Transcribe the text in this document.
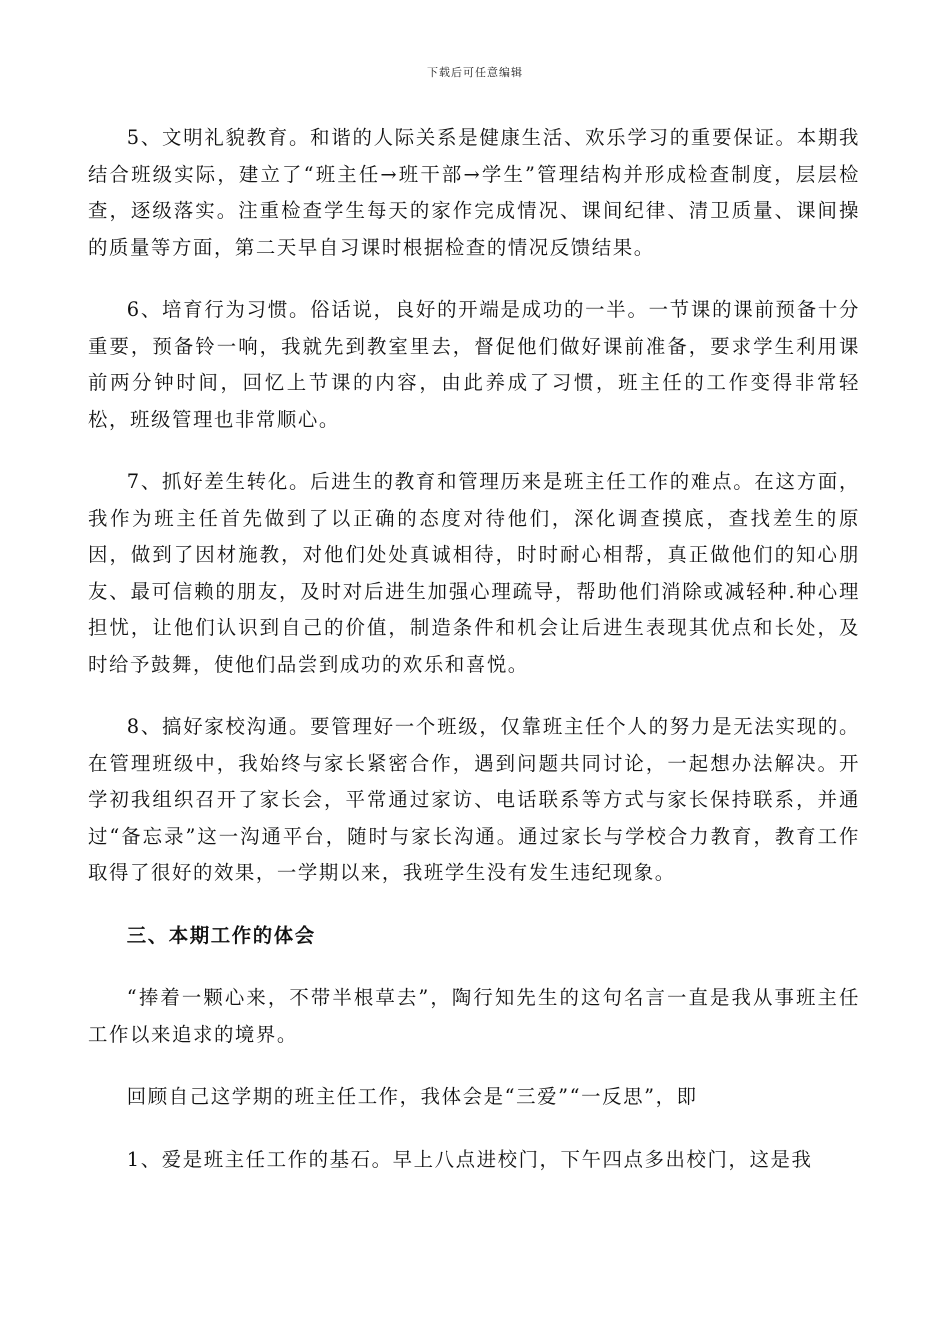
下载后可任意编辑

5、文明礼貌教育。和谐的人际关系是健康生活、欢乐学习的重要保证。本期我结合班级实际，建立了“班主任→班干部→学生”管理结构并形成检查制度，层层检查，逐级落实。注重检查学生每天的家作完成情况、课间纪律、清卫质量、课间操的质量等方面，第二天早自习课时根据检查的情况反馈结果。

6、培育行为习惯。俗话说，良好的开端是成功的一半。一节课的课前预备十分重要，预备铃一响，我就先到教室里去，督促他们做好课前准备，要求学生利用课前两分钟时间，回忆上节课的内容，由此养成了习惯，班主任的工作变得非常轻松，班级管理也非常顺心。

7、抓好差生转化。后进生的教育和管理历来是班主任工作的难点。在这方面，我作为班主任首先做到了以正确的态度对待他们，深化调查摸底，查找差生的原因，做到了因材施教，对他们处处真诚相待，时时耐心相帮，真正做他们的知心朋友、最可信赖的朋友，及时对后进生加强心理疏导，帮助他们消除或减轻种.种心理担忧，让他们认识到自己的价值，制造条件和机会让后进生表现其优点和长处，及时给予鼓舞，使他们品尝到成功的欢乐和喜悦。

8、搞好家校沟通。要管理好一个班级，仅靠班主任个人的努力是无法实现的。在管理班级中，我始终与家长紧密合作，遇到问题共同讨论，一起想办法解决。开学初我组织召开了家长会，平常通过家访、电话联系等方式与家长保持联系，并通过“备忘录”这一沟通平台，随时与家长沟通。通过家长与学校合力教育，教育工作取得了很好的效果，一学期以来，我班学生没有发生违纪现象。

三、本期工作的体会

“捧着一颗心来，不带半根草去”，陶行知先生的这句名言一直是我从事班主任工作以来追求的境界。

回顾自己这学期的班主任工作，我体会是“三爱”“一反思”，即

1、爱是班主任工作的基石。早上八点进校门，下午四点多出校门，这是我
